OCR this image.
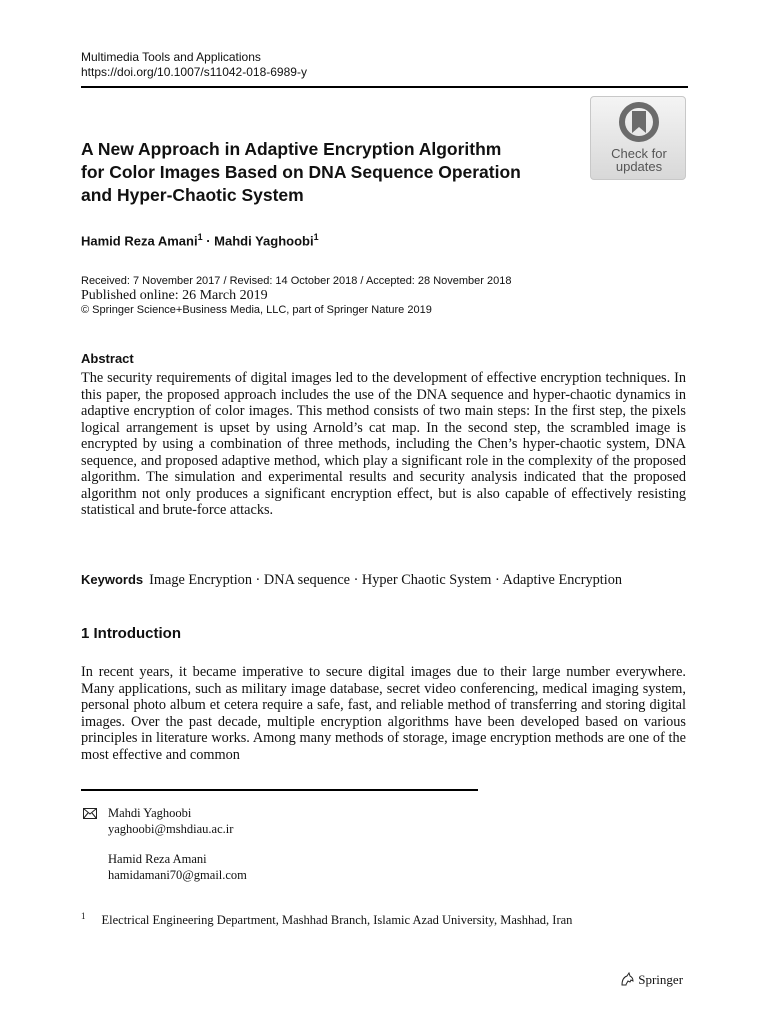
Multimedia Tools and Applications
https://doi.org/10.1007/s11042-018-6989-y
A New Approach in Adaptive Encryption Algorithm
for Color Images Based on DNA Sequence Operation
and Hyper-Chaotic System
Check for
updates
Hamid Reza Amani$^1$ · Mahdi Yaghoobi$^1$
Received: 7 November 2017 / Revised: 14 October 2018 / Accepted: 28 November 2018
Published online: 26 March 2019
© Springer Science+Business Media, LLC, part of Springer Nature 2019
Abstract
The security requirements of digital images led to the development of effective encryption techniques. In this paper, the proposed approach includes the use of the DNA sequence and hyper-chaotic dynamics in adaptive encryption of color images. This method consists of two main steps: In the first step, the pixels logical arrangement is upset by using Arnold’s cat map. In the second step, the scrambled image is encrypted by using a combination of three methods, including the Chen’s hyper-chaotic system, DNA sequence, and proposed adaptive method, which play a significant role in the complexity of the proposed algorithm. The simulation and experimental results and security analysis indicated that the proposed algorithm not only produces a significant encryption effect, but is also capable of effectively resisting statistical and brute-force attacks.
Keywords Image Encryption · DNA sequence · Hyper Chaotic System · Adaptive Encryption
1 Introduction
In recent years, it became imperative to secure digital images due to their large number everywhere. Many applications, such as military image database, secret video conferencing, medical imaging system, personal photo album et cetera require a safe, fast, and reliable method of transferring and storing digital images. Over the past decade, multiple encryption algorithms have been developed based on various principles in literature works. Among many methods of storage, image encryption methods are one of the most effective and common
Mahdi Yaghoobi
yaghoobi@mshdiau.ac.ir
Hamid Reza Amani
hamidamani70@gmail.com
$^1$ Electrical Engineering Department, Mashhad Branch, Islamic Azad University, Mashhad, Iran
Springer
